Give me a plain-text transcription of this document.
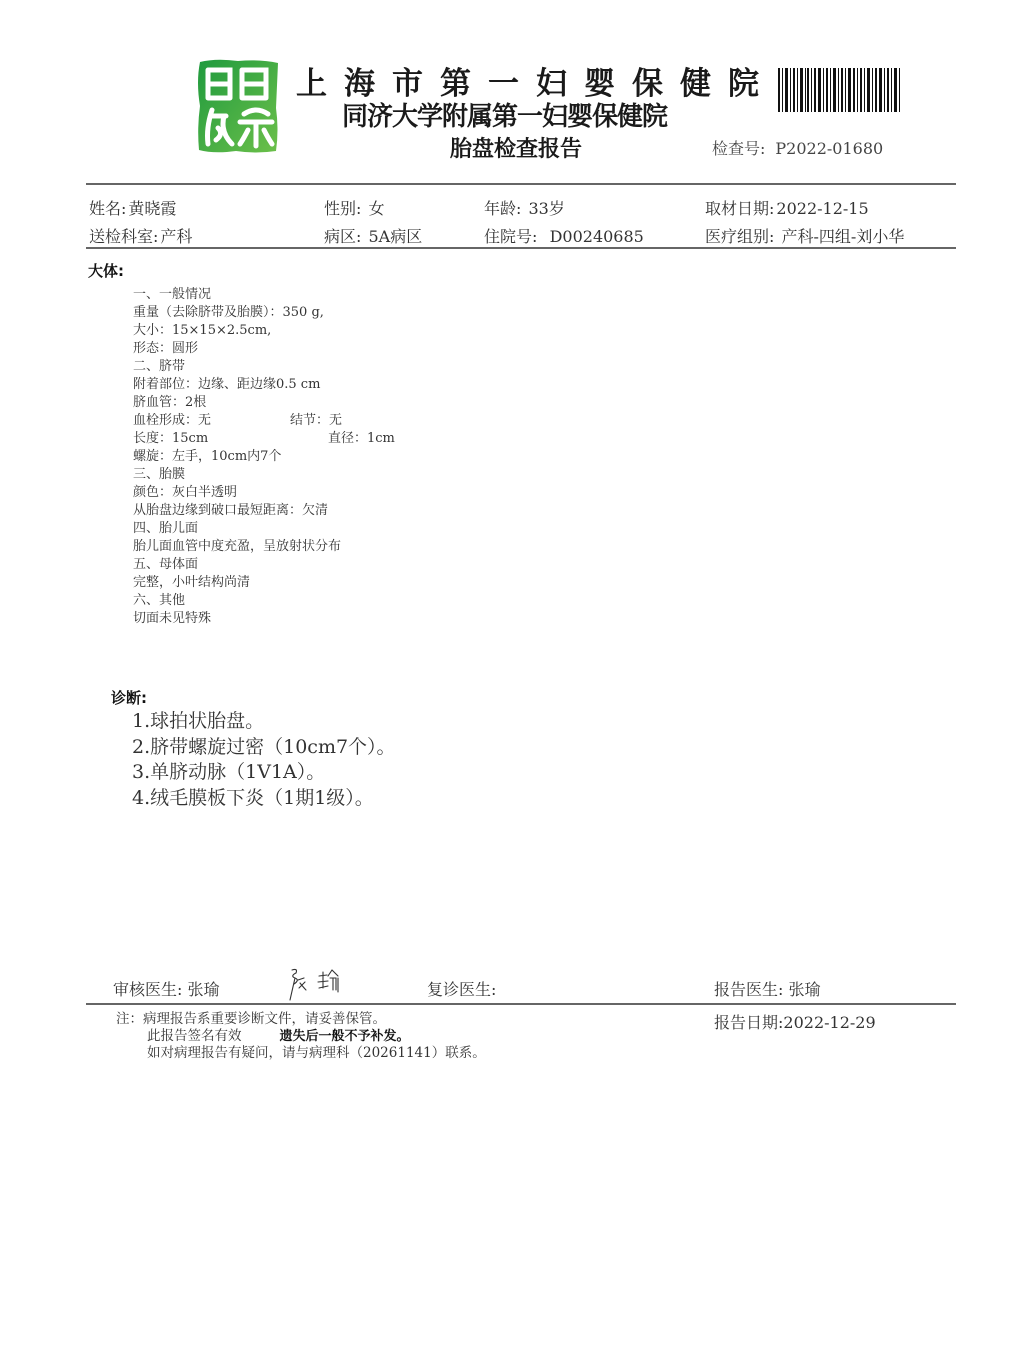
上海市第一妇婴保健院
同济大学附属第一妇婴保健院
胎盘检查报告	检查号: P2022-01680
姓名: 黄晓霞	性别: 女	年龄: 33岁	取材日期: 2022-12-15
送检科室: 产科	病区: 5A病区	住院号: D00240685	医疗组别: 产科-四组-刘小华
大体:
一、一般情况
重量（去除脐带及胎膜）：350 g,
大小：15×15×2.5cm,
形态：圆形
二、脐带
附着部位：边缘、距边缘0.5 cm
脐血管：2根
血栓形成：无	结节：无
长度：15cm	直径：1cm
螺旋：左手，10cm内7个
三、胎膜
颜色：灰白半透明
从胎盘边缘到破口最短距离：欠清
四、胎儿面
胎儿面血管中度充盈，呈放射状分布
五、母体面
完整，小叶结构尚清
六、其他
切面未见特殊
诊断:
1.球拍状胎盘。
2.脐带螺旋过密（10cm7个）。
3.单脐动脉（1V1A）。
4.绒毛膜板下炎（1期1级）。
审核医生: 张瑜	复诊医生:	报告医生: 张瑜
注：病理报告系重要诊断文件，请妥善保管。
此报告签名有效	遗失后一般不予补发。
如对病理报告有疑问，请与病理科（20261141）联系。
报告日期:2022-12-29
